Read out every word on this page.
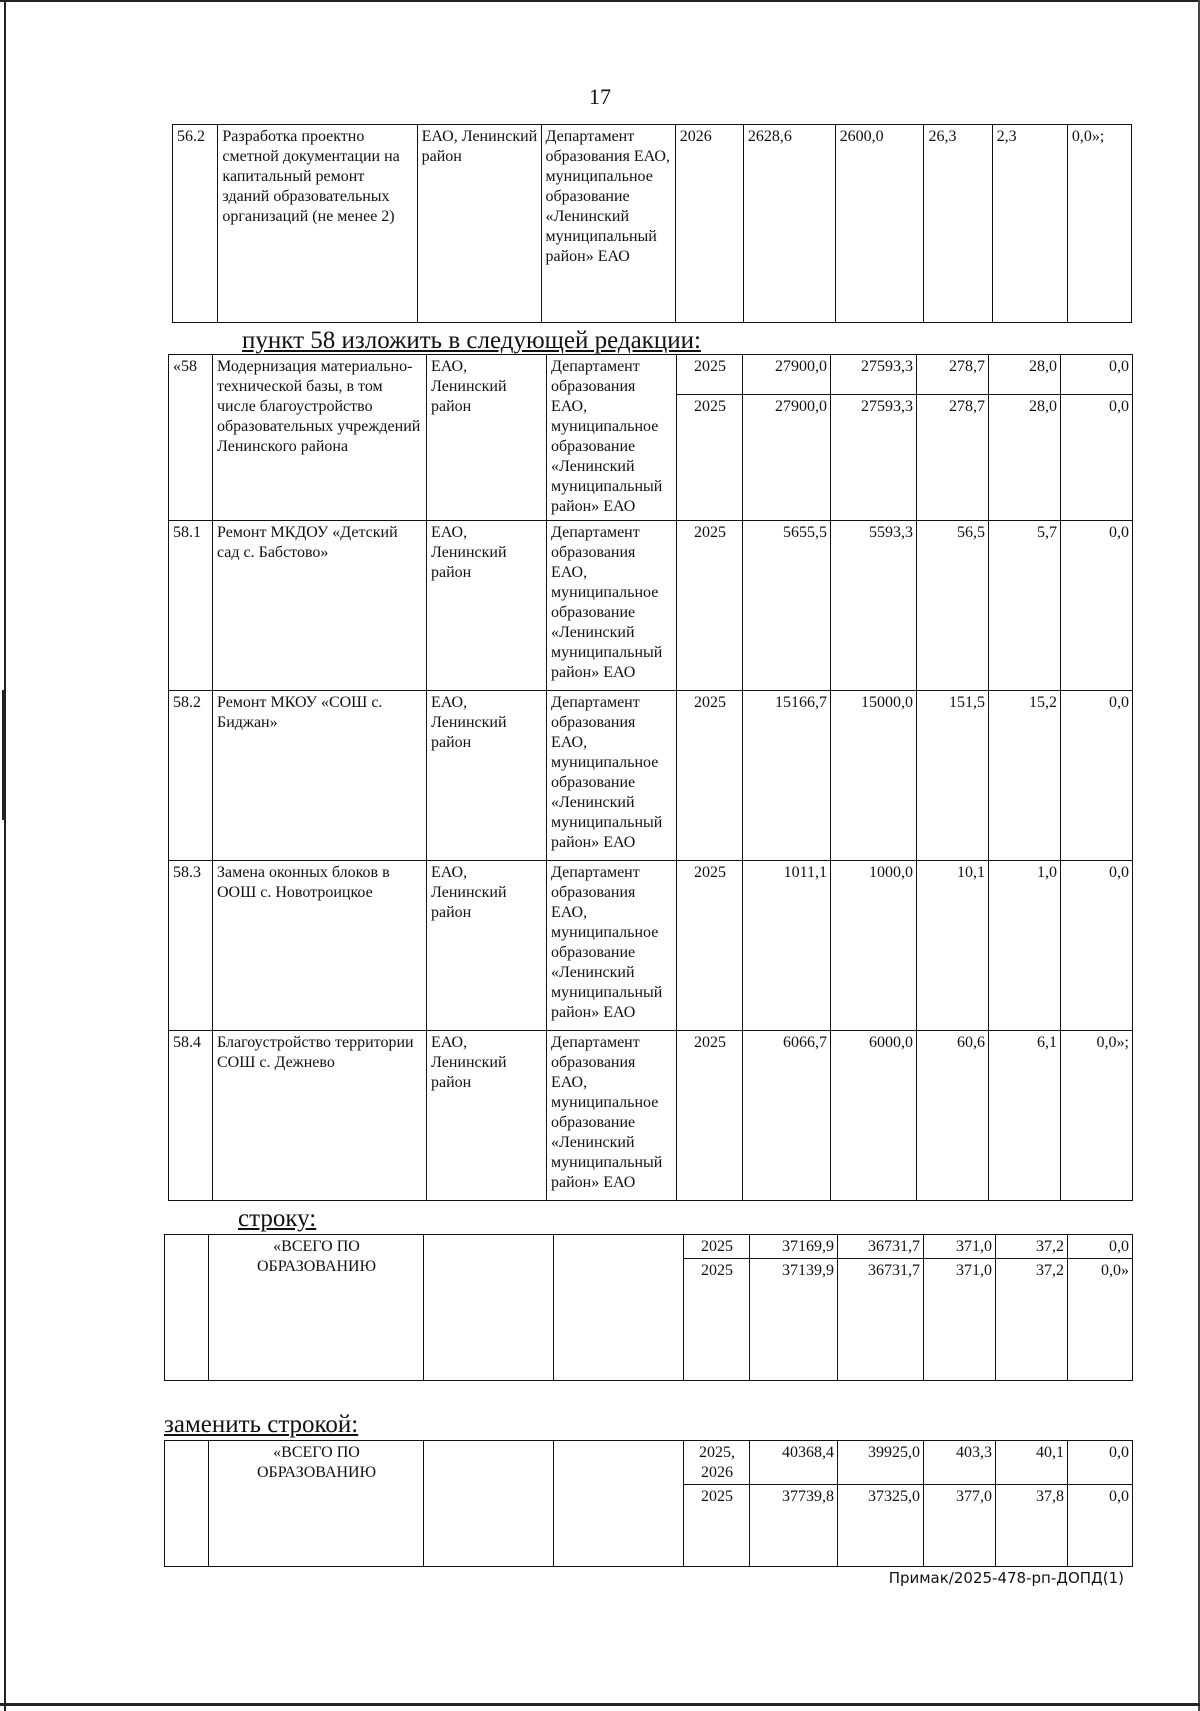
17
56.2	Разработка проектно сметной документации на капитальный ремонт зданий образовательных организаций (не менее 2)	ЕАО, Ленинский район	Департамент образования ЕАО, муниципальное образование «Ленинский муниципальный район» ЕАО	2026	2628,6	2600,0	26,3	2,3	0,0»;
пункт 58 изложить в следующей редакции:
«58	Модернизация материально-технической базы, в том числе благоустройство образовательных учреждений Ленинского района	ЕАО, Ленинский район	Департамент образования ЕАО, муниципальное образование «Ленинский муниципальный район» ЕАО	2025	27900,0	27593,3	278,7	28,0	0,0
				2025	27900,0	27593,3	278,7	28,0	0,0
58.1	Ремонт МКДОУ «Детский сад с. Бабстово»	ЕАО, Ленинский район	Департамент образования ЕАО, муниципальное образование «Ленинский муниципальный район» ЕАО	2025	5655,5	5593,3	56,5	5,7	0,0
58.2	Ремонт МКОУ «СОШ с. Биджан»	ЕАО, Ленинский район	Департамент образования ЕАО, муниципальное образование «Ленинский муниципальный район» ЕАО	2025	15166,7	15000,0	151,5	15,2	0,0
58.3	Замена оконных блоков в ООШ с. Новотроицкое	ЕАО, Ленинский район	Департамент образования ЕАО, муниципальное образование «Ленинский муниципальный район» ЕАО	2025	1011,1	1000,0	10,1	1,0	0,0
58.4	Благоустройство территории СОШ с. Дежнево	ЕАО, Ленинский район	Департамент образования ЕАО, муниципальное образование «Ленинский муниципальный район» ЕАО	2025	6066,7	6000,0	60,6	6,1	0,0»;
строку:
	«ВСЕГО ПО ОБРАЗОВАНИЮ			2025	37169,9	36731,7	371,0	37,2	0,0
				2025	37139,9	36731,7	371,0	37,2	0,0»
заменить строкой:
	«ВСЕГО ПО ОБРАЗОВАНИЮ			2025, 2026	40368,4	39925,0	403,3	40,1	0,0
				2025	37739,8	37325,0	377,0	37,8	0,0
Примак/2025-478-рп-ДОПД(1)
